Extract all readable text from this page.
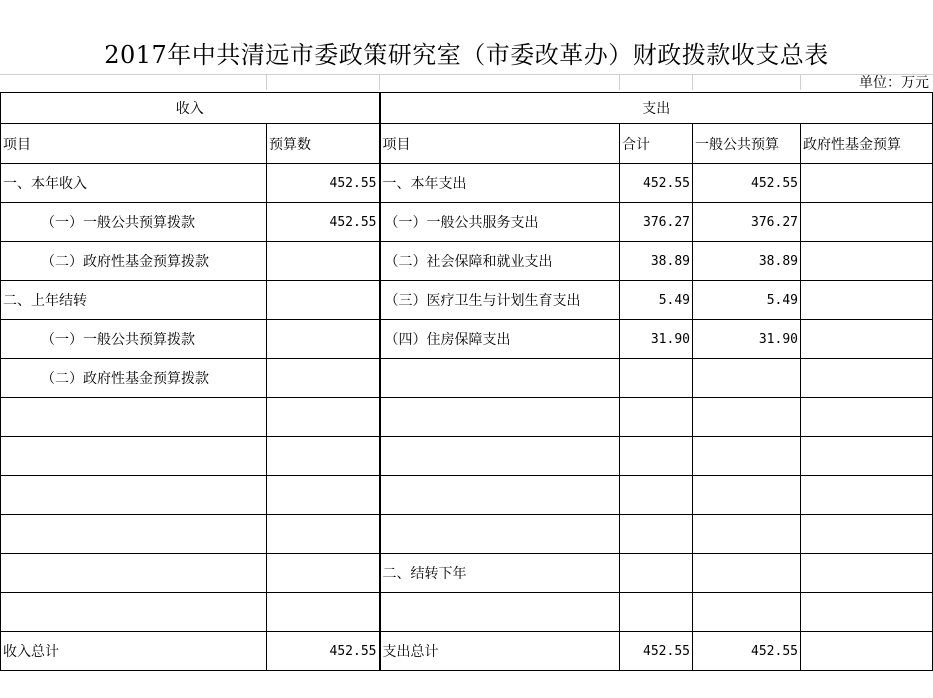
2017年中共清远市委政策研究室（市委改革办）财政拨款收支总表
单位：万元
收入		支出			
项目	预算数	项目	合计	一般公共预算	政府性基金预算
一、本年收入	452.55	一、本年支出	452.55	452.55	
（一）一般公共预算拨款	452.55	（一）一般公共服务支出	376.27	376.27	
（二）政府性基金预算拨款		（二）社会保障和就业支出	38.89	38.89	
二、上年结转		（三）医疗卫生与计划生育支出	5.49	5.49	
（一）一般公共预算拨款		（四）住房保障支出	31.90	31.90	
（二）政府性基金预算拨款					

		二、结转下年			

收入总计	452.55	支出总计	452.55	452.55	
